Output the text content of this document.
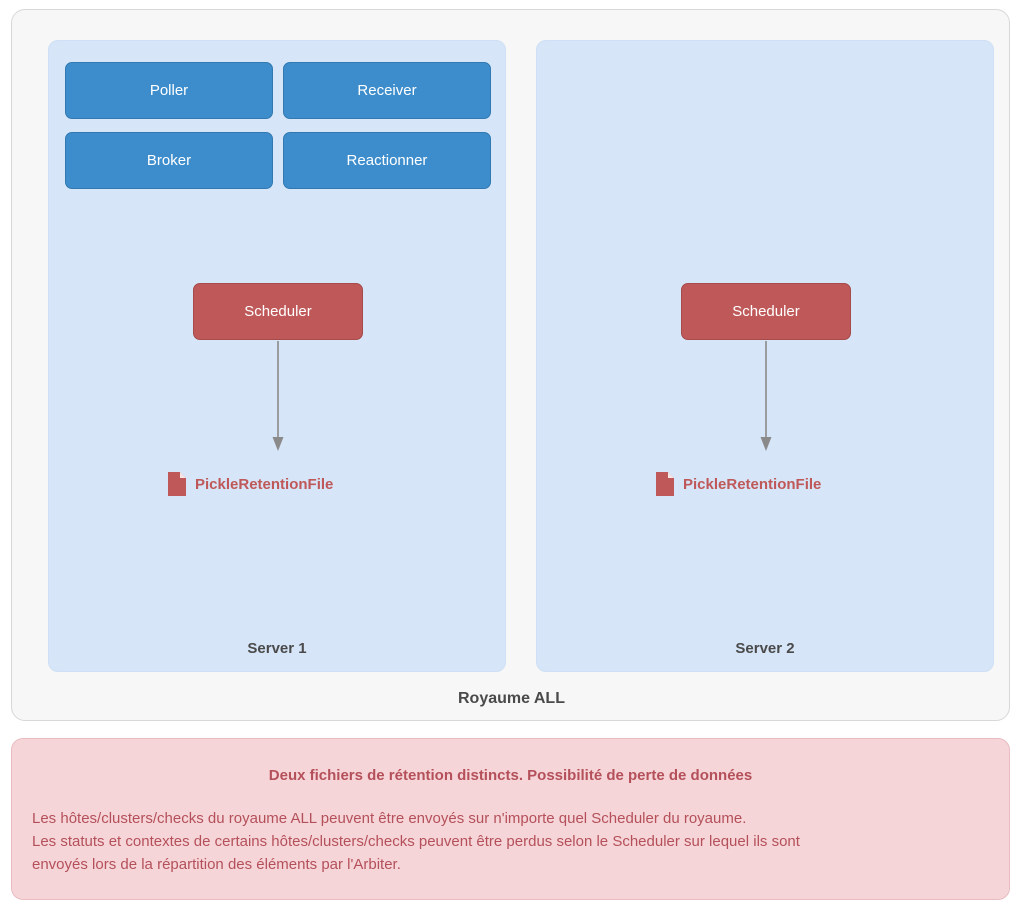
Poller	Receiver
Broker	Reactionner
Scheduler
PickleRetentionFile
Server 1
Scheduler
PickleRetentionFile
Server 2
Royaume ALL
Deux fichiers de rétention distincts. Possibilité de perte de données
Les hôtes/clusters/checks du royaume ALL peuvent être envoyés sur n'importe quel Scheduler du royaume.
Les statuts et contextes de certains hôtes/clusters/checks peuvent être perdus selon le Scheduler sur lequel ils sont
envoyés lors de la répartition des éléments par l'Arbiter.
